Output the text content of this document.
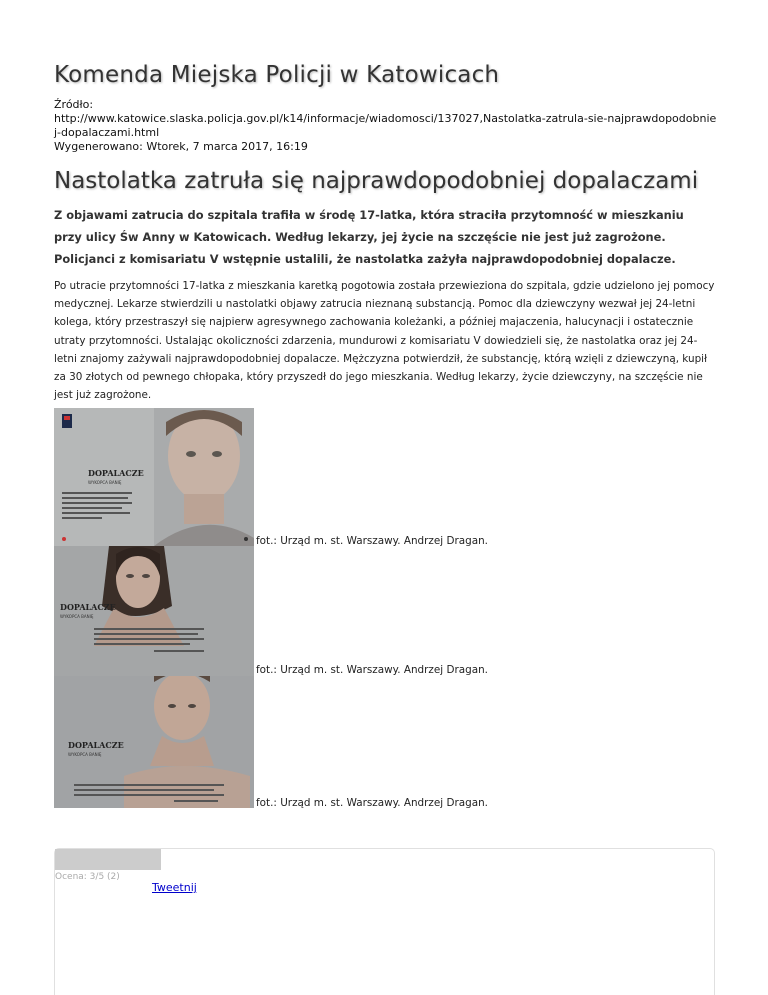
Komenda Miejska Policji w Katowicach
Źródło:
http://www.katowice.slaska.policja.gov.pl/k14/informacje/wiadomosci/137027,Nastolatka-zatrula-sie-najprawdopodobniej-dopalaczami.html
Wygenerowano: Wtorek, 7 marca 2017, 16:19
Nastolatka zatruła się najprawdopodobniej dopalaczami

Z objawami zatrucia do szpitala trafiła w środę 17-latka, która straciła przytomność w mieszkaniu przy ulicy Św Anny w Katowicach. Według lekarzy, jej życie na szczęście nie jest już zagrożone. Policjanci z komisariatu V wstępnie ustalili, że nastolatka zażyła najprawdopodobniej dopalacze.

Po utracie przytomności 17-latka z mieszkania karetką pogotowia została przewieziona do szpitala, gdzie udzielono jej pomocy medycznej. Lekarze stwierdzili u nastolatki objawy zatrucia nieznaną substancją. Pomoc dla dziewczyny wezwał jej 24-letni kolega, który przestraszył się najpierw agresywnego zachowania koleżanki, a później majaczenia, halucynacji i ostatecznie utraty przytomności. Ustalając okoliczności zdarzenia, mundurowi z komisariatu V dowiedzieli się, że nastolatka oraz jej 24-letni znajomy zażywali najprawdopodobniej dopalacze. Mężczyzna potwierdził, że substancję, którą wzięli z dziewczyną, kupił za 30 złotych od pewnego chłopaka, który przyszedł do jego mieszkania. Według lekarzy, życie dziewczyny, na szczęście nie jest już zagrożone.

DOPALACZE
WYKOPCA BANIĘ
fot.: Urząd m. st. Warszawy. Andrzej Dragan.
DOPALACZE
WYKOPCA BANIĘ
fot.: Urząd m. st. Warszawy. Andrzej Dragan.
DOPALACZE
WYKOPCA BANIĘ
fot.: Urząd m. st. Warszawy. Andrzej Dragan.
Ocena: 3/5 (2)
Tweetnij
